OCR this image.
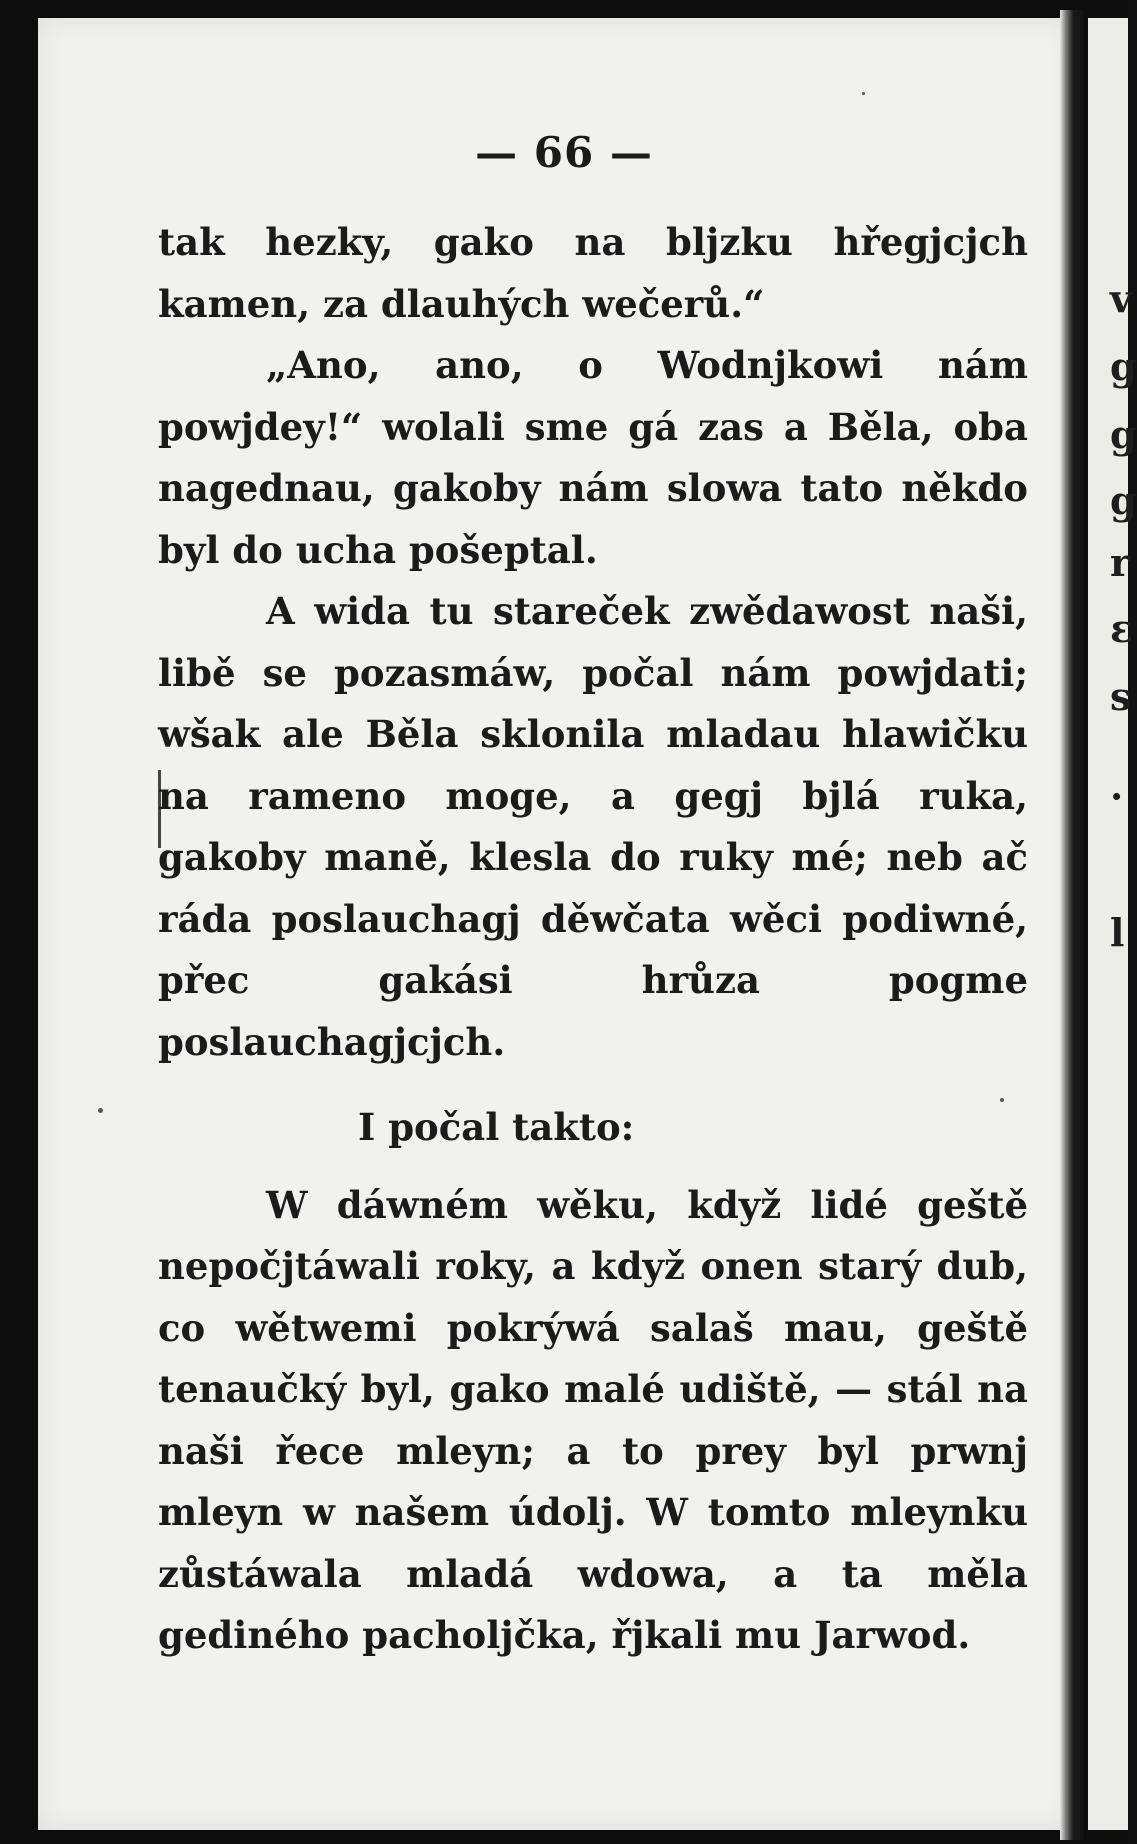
v
g
g
g
r
ε
s
·
l
— 66 —

tak hezky, gako na bljzku hřegjcjch kamen, za dlauhých wečerů.“

„Ano, ano, o Wodnjkowi nám powjdey!“ wolali sme gá zas a Běla, oba nagednau, gakoby nám slowa tato někdo byl do ucha pošeptal.

A wida tu stareček zwědawost naši, libě se pozasmáw, počal nám powjdati; wšak ale Běla sklonila mladau hlawičku na rameno moge, a gegj bjlá ruka, gakoby maně, klesla do ruky mé; neb ač ráda poslauchagj děwčata wěci podiwné, přec gakási hrůza pogme poslauchagjcjch.

I počal takto:

W dáwném wěku, když lidé geště nepočjtáwali roky, a když onen starý dub, co wětwemi pokrýwá salaš mau, geště tenaučký byl, gako malé udiště, — stál na naši řece mleyn; a to prey byl prwnj mleyn w našem údolj. W tomto mleynku zůstáwala mladá wdowa, a ta měla gediného pacholjčka, řjkali mu Jarwod.
